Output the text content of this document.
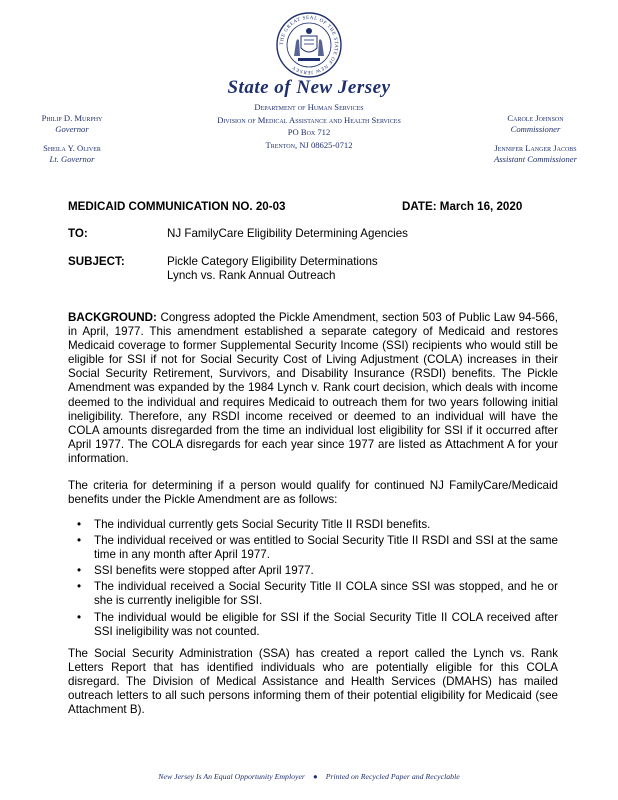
THE GREAT SEAL OF THE STATE OF NEW JERSEY
State of New Jersey
Philip D. Murphy
Governor
Sheila Y. Oliver
Lt. Governor
Department of Human Services
Division of Medical Assistance and Health Services
PO Box 712
Trenton, NJ 08625-0712
Carole Johnson
Commissioner
Jennifer Langer Jacobs
Assistant Commissioner
MEDICAID COMMUNICATION NO. 20-03	DATE: March 16, 2020
TO:	NJ FamilyCare Eligibility Determining Agencies
SUBJECT:	Pickle Category Eligibility Determinations
Lynch vs. Rank Annual Outreach
BACKGROUND: Congress adopted the Pickle Amendment, section 503 of Public Law 94-566, in April, 1977. This amendment established a separate category of Medicaid and restores Medicaid coverage to former Supplemental Security Income (SSI) recipients who would still be eligible for SSI if not for Social Security Cost of Living Adjustment (COLA) increases in their Social Security Retirement, Survivors, and Disability Insurance (RSDI) benefits. The Pickle Amendment was expanded by the 1984 Lynch v. Rank court decision, which deals with income deemed to the individual and requires Medicaid to outreach them for two years following initial ineligibility. Therefore, any RSDI income received or deemed to an individual will have the COLA amounts disregarded from the time an individual lost eligibility for SSI if it occurred after April 1977. The COLA disregards for each year since 1977 are listed as Attachment A for your information.
The criteria for determining if a person would qualify for continued NJ FamilyCare/Medicaid benefits under the Pickle Amendment are as follows:
• The individual currently gets Social Security Title II RSDI benefits.
• The individual received or was entitled to Social Security Title II RSDI and SSI at the same time in any month after April 1977.
• SSI benefits were stopped after April 1977.
• The individual received a Social Security Title II COLA since SSI was stopped, and he or she is currently ineligible for SSI.
• The individual would be eligible for SSI if the Social Security Title II COLA received after SSI ineligibility was not counted.
The Social Security Administration (SSA) has created a report called the Lynch vs. Rank Letters Report that has identified individuals who are potentially eligible for this COLA disregard. The Division of Medical Assistance and Health Services (DMAHS) has mailed outreach letters to all such persons informing them of their potential eligibility for Medicaid (see Attachment B).
New Jersey Is An Equal Opportunity Employer ● Printed on Recycled Paper and Recyclable
